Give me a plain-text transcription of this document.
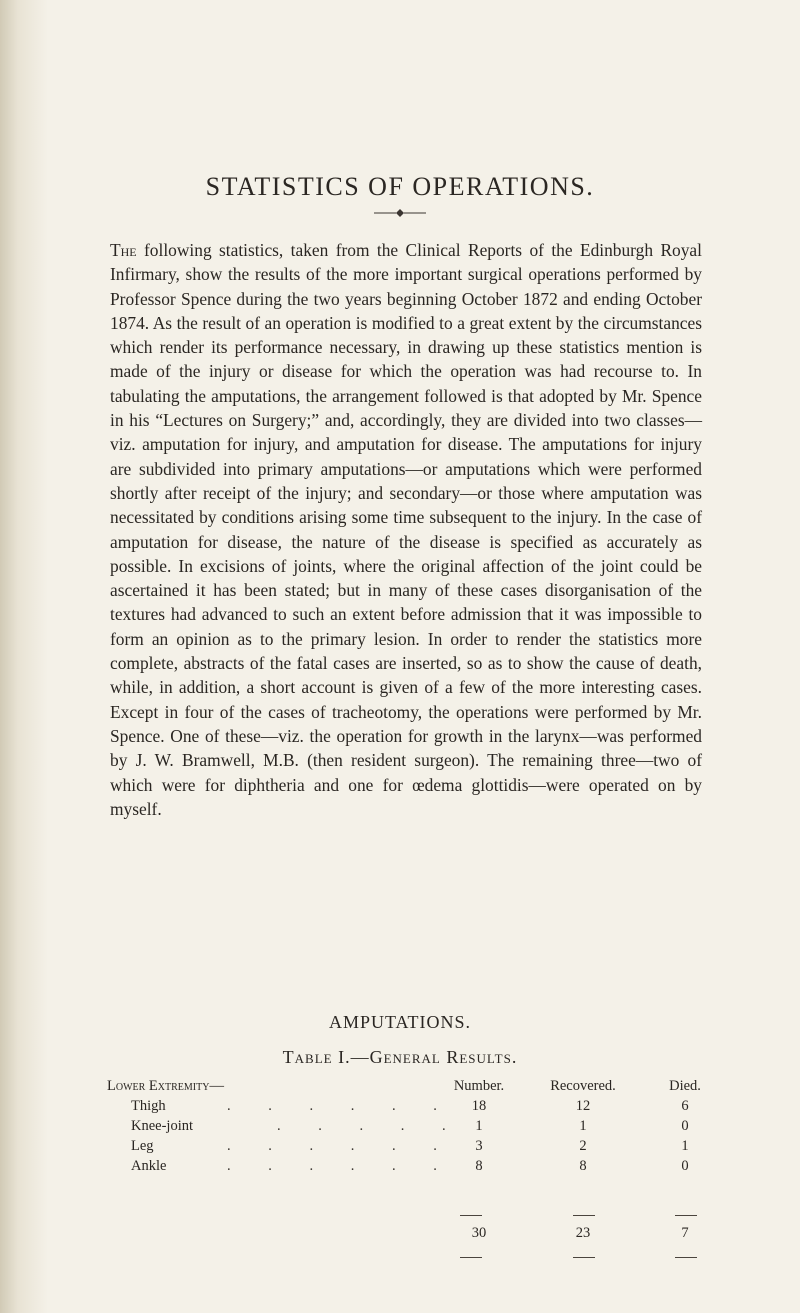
STATISTICS OF OPERATIONS.
The following statistics, taken from the Clinical Reports of the Edinburgh Royal Infirmary, show the results of the more important surgical operations performed by Professor Spence during the two years beginning October 1872 and ending October 1874. As the result of an operation is modified to a great extent by the circumstances which render its performance necessary, in drawing up these statistics mention is made of the injury or disease for which the operation was had recourse to. In tabulating the amputations, the arrangement followed is that adopted by Mr. Spence in his “Lectures on Surgery;” and, accordingly, they are divided into two classes—viz. amputation for injury, and amputation for disease. The amputations for injury are subdivided into primary amputations—or amputations which were performed shortly after receipt of the injury; and secondary—or those where amputation was necessitated by conditions arising some time subsequent to the injury. In the case of amputation for disease, the nature of the disease is specified as accurately as possible. In excisions of joints, where the original affection of the joint could be ascertained it has been stated; but in many of these cases disorganisation of the textures had advanced to such an extent before admission that it was impossible to form an opinion as to the primary lesion. In order to render the statistics more complete, abstracts of the fatal cases are inserted, so as to show the cause of death, while, in addition, a short account is given of a few of the more interesting cases. Except in four of the cases of tracheotomy, the operations were performed by Mr. Spence. One of these—viz. the operation for growth in the larynx—was performed by J. W. Bramwell, M.B. (then resident surgeon). The remaining three—two of which were for diphtheria and one for œdema glottidis—were operated on by myself.
AMPUTATIONS.
Table I.—General Results.
Lower Extremity—	Number.	Recovered.	Died.
Thigh	. . . . . .	18	12	6
Knee-joint	. . . . . 1	1	0
Leg	. . . . . .	3	2	1
Ankle	. . . . . .	8	8	0
30	23	7
